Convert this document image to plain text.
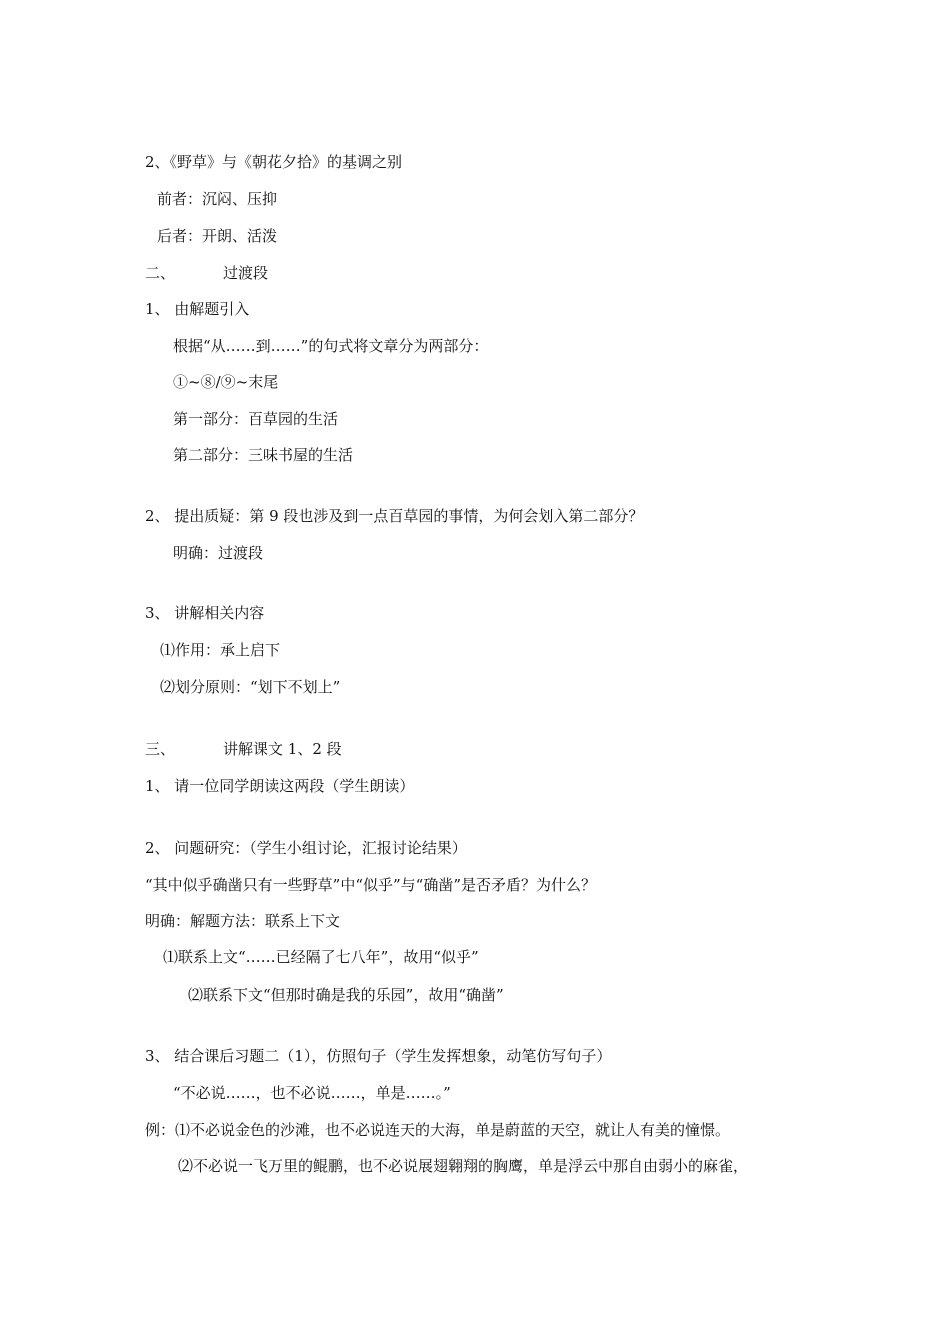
2、《野草》与《朝花夕拾》的基调之别
前者：沉闷、压抑
后者：开朗、活泼
二、	过渡段
1、 由解题引入
根据“从……到……”的句式将文章分为两部分：
①~⑧/⑨~末尾
第一部分：百草园的生活
第二部分：三味书屋的生活
2、 提出质疑：第 9 段也涉及到一点百草园的事情，为何会划入第二部分？
明确：过渡段
3、 讲解相关内容
⑴作用：承上启下
⑵划分原则：“划下不划上”
三、	讲解课文 1、2 段
1、 请一位同学朗读这两段（学生朗读）
2、 问题研究：（学生小组讨论，汇报讨论结果）
“其中似乎确凿只有一些野草”中“似乎”与“确凿”是否矛盾？为什么？
明确：解题方法：联系上下文
⑴联系上文“……已经隔了七八年”，故用“似乎”
⑵联系下文“但那时确是我的乐园”，故用“确凿”
3、 结合课后习题二（1），仿照句子（学生发挥想象，动笔仿写句子）
“不必说……，也不必说……，单是……。”
例：⑴不必说金色的沙滩，也不必说连天的大海，单是蔚蓝的天空，就让人有美的憧憬。
⑵不必说一飞万里的鲲鹏，也不必说展翅翱翔的胸鹰，单是浮云中那自由弱小的麻雀，
